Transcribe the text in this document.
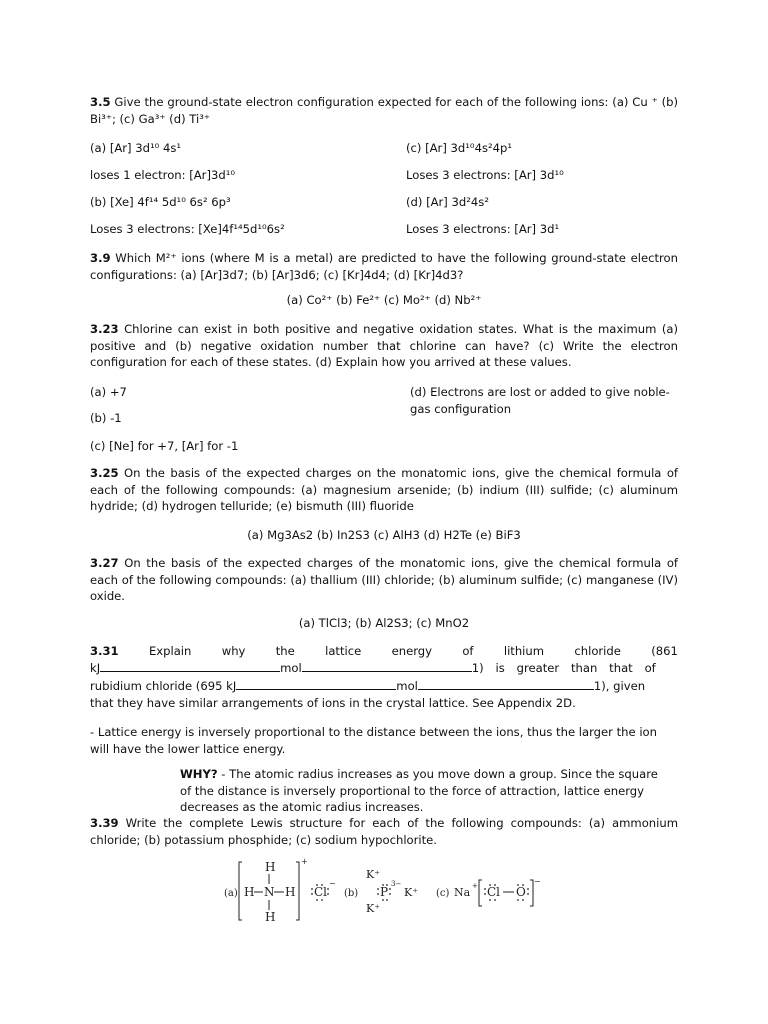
3.5 Give the ground-state electron configuration expected for each of the following ions: (a) Cu ⁺ (b) Bi³⁺; (c) Ga³⁺ (d) Ti³⁺
(a) [Ar] 3d¹⁰ 4s¹	(c) [Ar] 3d¹⁰4s²4p¹
loses 1 electron: [Ar]3d¹⁰	Loses 3 electrons: [Ar] 3d¹⁰
(b) [Xe] 4f¹⁴ 5d¹⁰ 6s² 6p³	(d) [Ar] 3d²4s²
Loses 3 electrons: [Xe]4f¹⁴5d¹⁰6s²	Loses 3 electrons: [Ar] 3d¹
3.9 Which M²⁺ ions (where M is a metal) are predicted to have the following ground-state electron configurations: (a) [Ar]3d7; (b) [Ar]3d6; (c) [Kr]4d4; (d) [Kr]4d3?
(a) Co²⁺ (b) Fe²⁺ (c) Mo²⁺ (d) Nb²⁺
3.23 Chlorine can exist in both positive and negative oxidation states. What is the maximum (a) positive and (b) negative oxidation number that chlorine can have? (c) Write the electron configuration for each of these states. (d) Explain how you arrived at these values.
(a) +7	(d) Electrons are lost or added to give noble-gas configuration
(b) -1
(c) [Ne] for +7, [Ar] for -1
3.25 On the basis of the expected charges on the monatomic ions, give the chemical formula of each of the following compounds: (a) magnesium arsenide; (b) indium (III) sulfide; (c) aluminum hydride; (d) hydrogen telluride; (e) bismuth (III) fluoride
(a) Mg3As2 (b) In2S3 (c) AlH3 (d) H2Te (e) BiF3
3.27 On the basis of the expected charges of the monatomic ions, give the chemical formula of each of the following compounds: (a) thallium (III) chloride; (b) aluminum sulfide; (c) manganese (IV) oxide.
(a) TlCl3; (b) Al2S3; (c) MnO2
3.31	Explain	why	the	lattice	energy	of	lithium	chloride	(861
kJ	mol	1) is greater than that of
rubidium chloride (695 kJ	mol	1), given
that they have similar arrangements of ions in the crystal lattice. See Appendix 2D.
- Lattice energy is inversely proportional to the distance between the ions, thus the larger the ion will have the lower lattice energy.
WHY? - The atomic radius increases as you move down a group. Since the square of the distance is inversely proportional to the force of attraction, lattice energy decreases as the atomic radius increases.
3.39 Write the complete Lewis structure for each of the following compounds: (a) ammonium chloride; (b) potassium phosphide; (c) sodium hypochlorite.
(a)
H
H N H
H
+
Cl
−
(b)
K⁺
P
3−
K⁺
K⁺
(c) Na + Cl O
−
